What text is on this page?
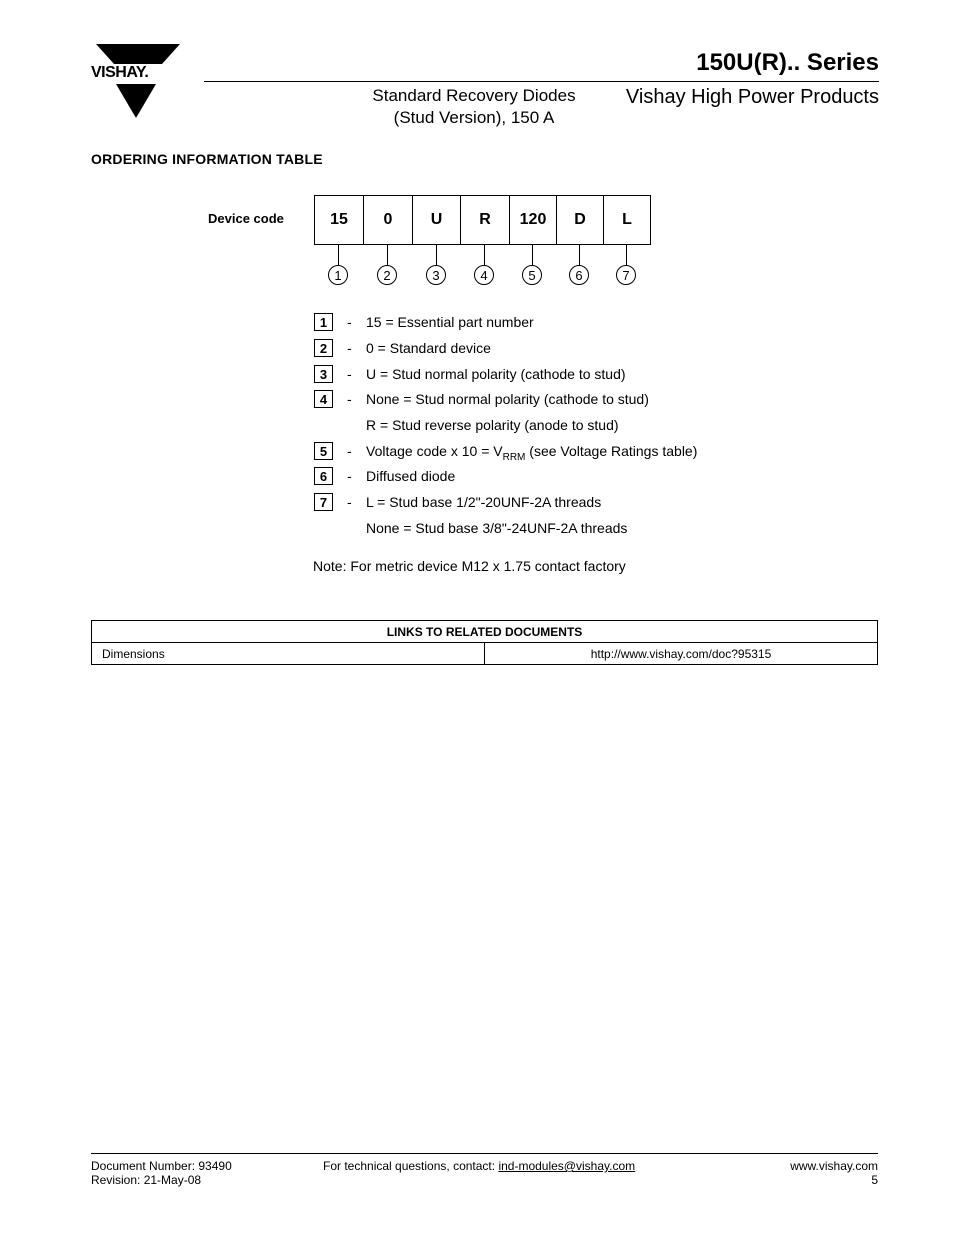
VISHAY.	150U(R).. Series
Standard Recovery Diodes
(Stud Version), 150 A
Vishay High Power Products
ORDERING INFORMATION TABLE
Device code	15	0	U	R	120	D	L
1	2	3	4	5	6	7
1	- 15 = Essential part number
2	- 0 = Standard device
3	- U = Stud normal polarity (cathode to stud)
4	- None = Stud normal polarity (cathode to stud)
R = Stud reverse polarity (anode to stud)
5	- Voltage code x $10 = V_{RRM}$ (see Voltage Ratings table)
6	- Diffused diode
7	- L = Stud base 1/2"-20UNF-2A threads
None = Stud base 3/8"-24UNF-2A threads
Note: For metric device M12 x 1.75 contact factory
LINKS TO RELATED DOCUMENTS
Dimensions	http://www.vishay.com/doc?95315
Document Number: 93490
Revision: 21-May-08
For technical questions, contact: ind-modules@vishay.com	www.vishay.com
5
